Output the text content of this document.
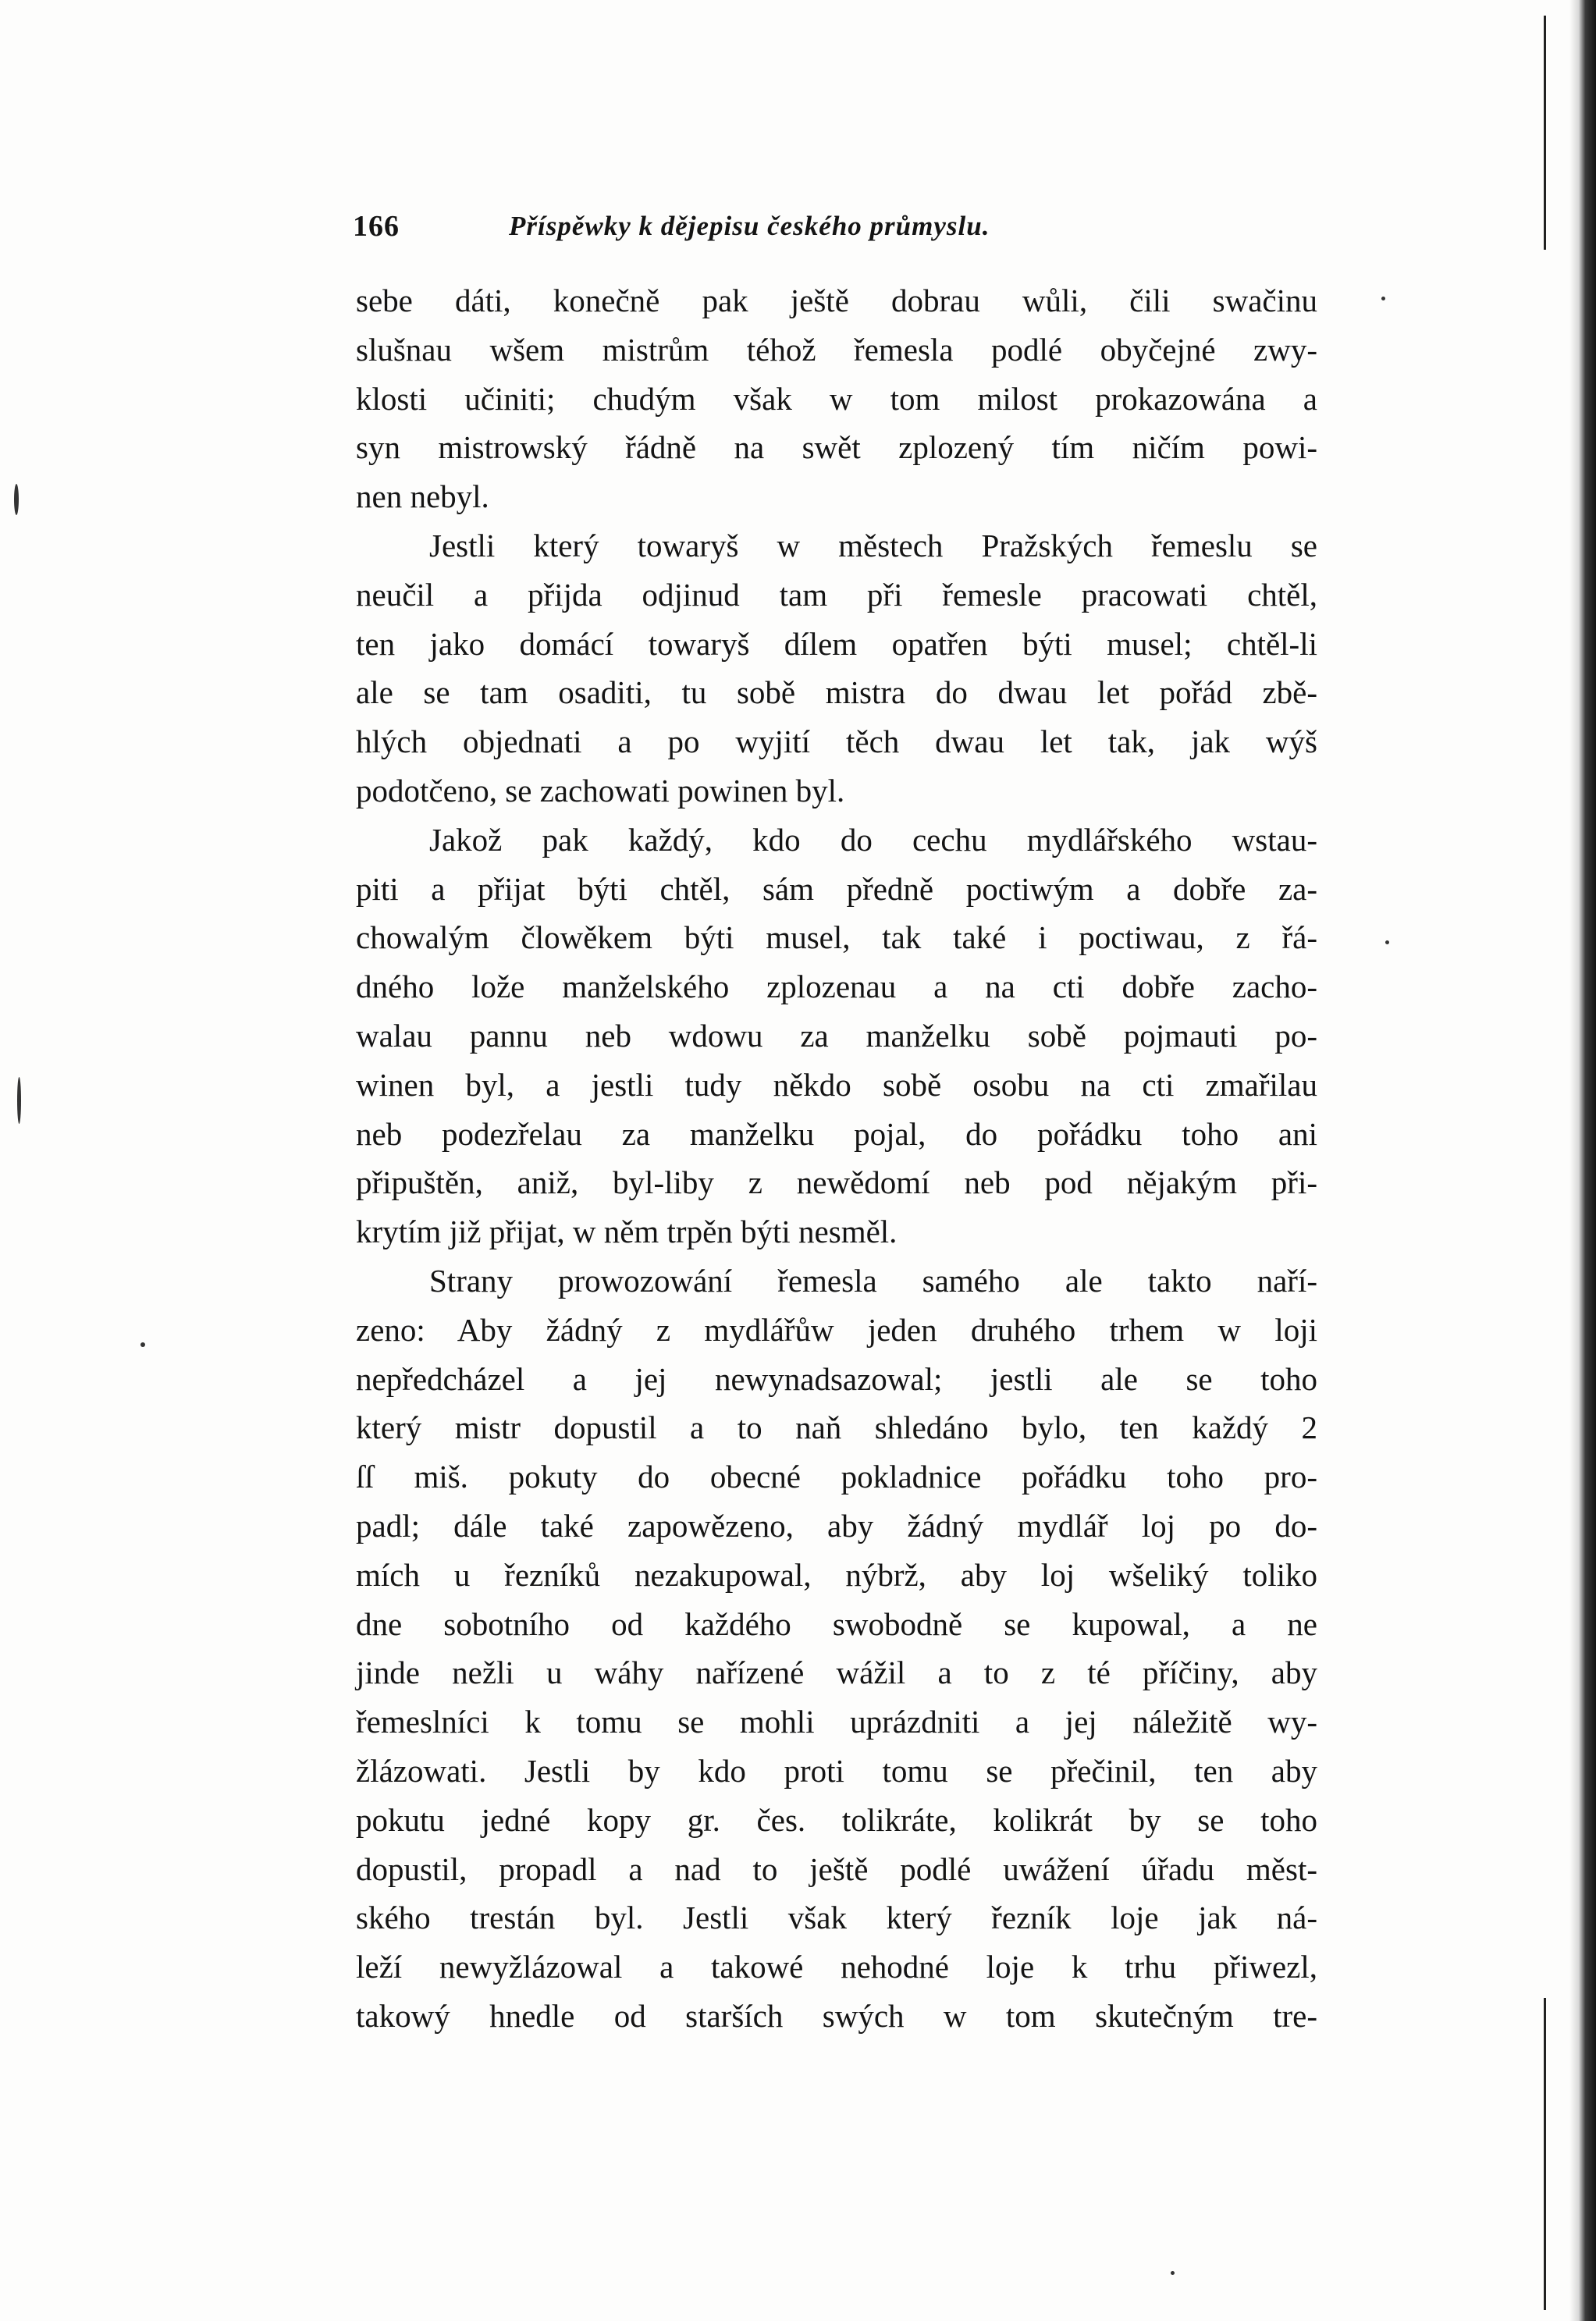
166	Příspěwky k dějepisu českého průmyslu.
sebe dáti, konečně pak ještě dobrau wůli, čili swačinu
slušnau wšem mistrům téhož řemesla podlé obyčejné zwy-
klosti učiniti; chudým však w tom milost prokazowána a
syn mistrowský řádně na swět zplozený tím ničím powi-
nen nebyl.
Jestli který towaryš w městech Pražských řemeslu se
neučil a přijda odjinud tam při řemesle pracowati chtěl,
ten jako domácí towaryš dílem opatřen býti musel; chtěl-li
ale se tam osaditi, tu sobě mistra do dwau let pořád zbě-
hlých objednati a po wyjití těch dwau let tak, jak wýš
podotčeno, se zachowati powinen byl.
Jakož pak každý, kdo do cechu mydlářského wstau-
piti a přijat býti chtěl, sám předně poctiwým a dobře za-
chowalým člowěkem býti musel, tak také i poctiwau, z řá-
dného lože manželského zplozenau a na cti dobře zacho-
walau pannu neb wdowu za manželku sobě pojmauti po-
winen byl, a jestli tudy někdo sobě osobu na cti zmařilau
neb podezřelau za manželku pojal, do pořádku toho ani
připuštěn, aniž, byl-liby z newědomí neb pod nějakým při-
krytím již přijat, w něm trpěn býti nesměl.
Strany prowozowání řemesla samého ale takto naří-
zeno: Aby žádný z mydlářůw jeden druhého trhem w loji
nepředcházel a jej newynadsazowal; jestli ale se toho
který mistr dopustil a to naň shledáno bylo, ten každý 2
ſſ miš. pokuty do obecné pokladnice pořádku toho pro-
padl; dále také zapowězeno, aby žádný mydlář loj po do-
mích u řezníků nezakupowal, nýbrž, aby loj wšeliký toliko
dne sobotního od každého swobodně se kupowal, a ne
jinde nežli u wáhy nařízené wážil a to z té příčiny, aby
řemeslníci k tomu se mohli uprázdniti a jej náležitě wy-
žlázowati. Jestli by kdo proti tomu se přečinil, ten aby
pokutu jedné kopy gr. čes. tolikráte, kolikrát by se toho
dopustil, propadl a nad to ještě podlé uwážení úřadu měst-
ského trestán byl. Jestli však který řezník loje jak ná-
leží newyžlázowal a takowé nehodné loje k trhu přiwezl,
takowý hnedle od starších swých w tom skutečným tre-
